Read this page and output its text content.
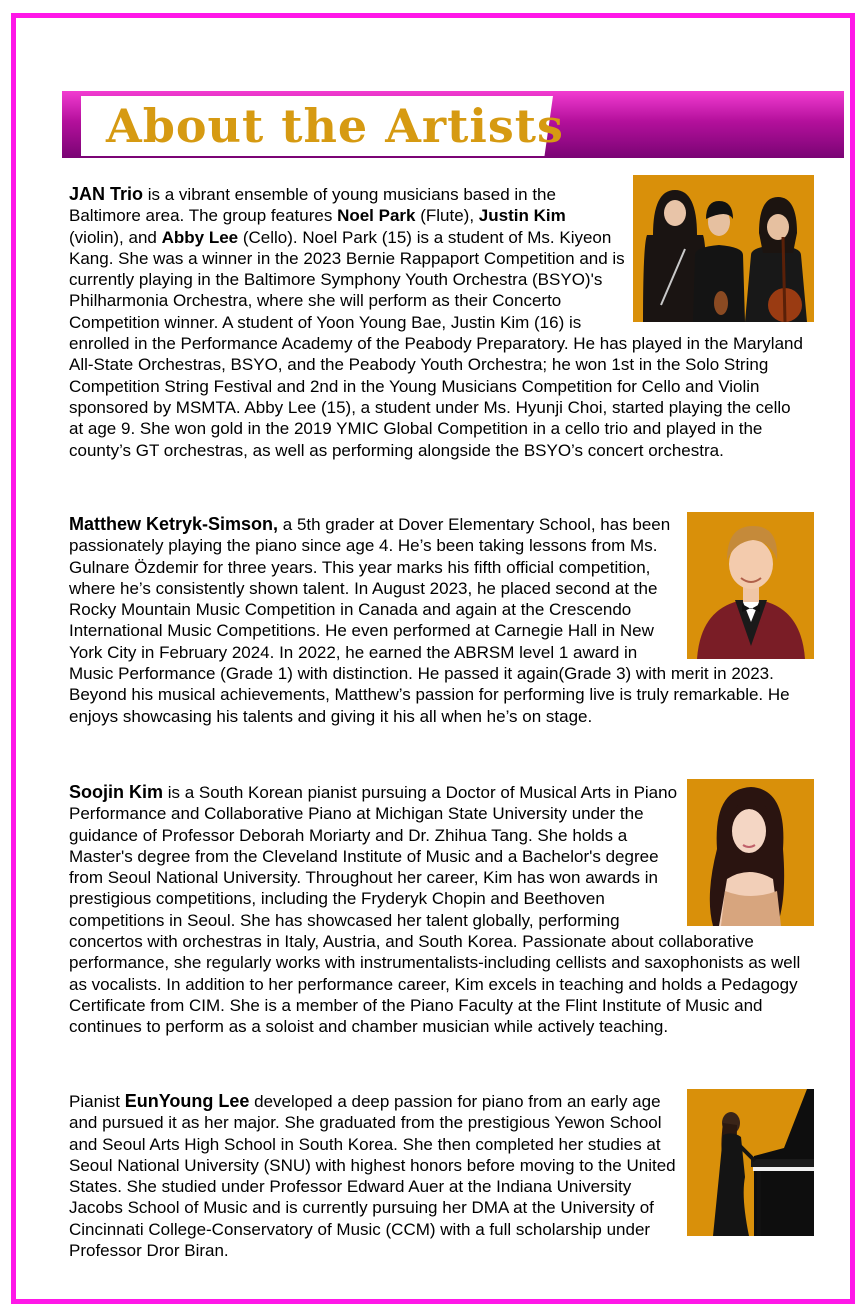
About the Artists

JAN Trio is a vibrant ensemble of young musicians based in the Baltimore area. The group features Noel Park (Flute), Justin Kim (violin), and Abby Lee (Cello). Noel Park (15) is a student of Ms. Kiyeon Kang. She was a winner in the 2023 Bernie Rappaport Competition and is currently playing in the Baltimore Symphony Youth Orchestra (BSYO)'s Philharmonia Orchestra, where she will perform as their Concerto Competition winner. A student of Yoon Young Bae, Justin Kim (16) is enrolled in the Performance Academy of the Peabody Preparatory. He has played in the Maryland All-State Orchestras, BSYO, and the Peabody Youth Orchestra; he won 1st in the Solo String Competition String Festival and 2nd in the Young Musicians Competition for Cello and Violin sponsored by MSMTA. Abby Lee (15), a student under Ms. Hyunji Choi, started playing the cello at age 9. She won gold in the 2019 YMIC Global Competition in a cello trio and played in the county’s GT orchestras, as well as performing alongside the BSYO’s concert orchestra.

Matthew Ketryk-Simson, a 5th grader at Dover Elementary School, has been passionately playing the piano since age 4. He’s been taking lessons from Ms. Gulnare Özdemir for three years. This year marks his fifth official competition, where he’s consistently shown talent. In August 2023, he placed second at the Rocky Mountain Music Competition in Canada and again at the Crescendo International Music Competitions. He even performed at Carnegie Hall in New York City in February 2024. In 2022, he earned the ABRSM level 1 award in Music Performance (Grade 1) with distinction. He passed it again(Grade 3) with merit in 2023. Beyond his musical achievements, Matthew’s passion for performing live is truly remarkable. He enjoys showcasing his talents and giving it his all when he’s on stage.

Soojin Kim is a South Korean pianist pursuing a Doctor of Musical Arts in Piano Performance and Collaborative Piano at Michigan State University under the guidance of Professor Deborah Moriarty and Dr. Zhihua Tang. She holds a Master's degree from the Cleveland Institute of Music and a Bachelor's degree from Seoul National University. Throughout her career, Kim has won awards in prestigious competitions, including the Fryderyk Chopin and Beethoven competitions in Seoul. She has showcased her talent globally, performing concertos with orchestras in Italy, Austria, and South Korea. Passionate about collaborative performance, she regularly works with instrumentalists-including cellists and saxophonists as well as vocalists. In addition to her performance career, Kim excels in teaching and holds a Pedagogy Certificate from CIM. She is a member of the Piano Faculty at the Flint Institute of Music and continues to perform as a soloist and chamber musician while actively teaching.

Pianist EunYoung Lee developed a deep passion for piano from an early age and pursued it as her major. She graduated from the prestigious Yewon School and Seoul Arts High School in South Korea. She then completed her studies at Seoul National University (SNU) with highest honors before moving to the United States. She studied under Professor Edward Auer at the Indiana University Jacobs School of Music and is currently pursuing her DMA at the University of Cincinnati College-Conservatory of Music (CCM) with a full scholarship under Professor Dror Biran.
